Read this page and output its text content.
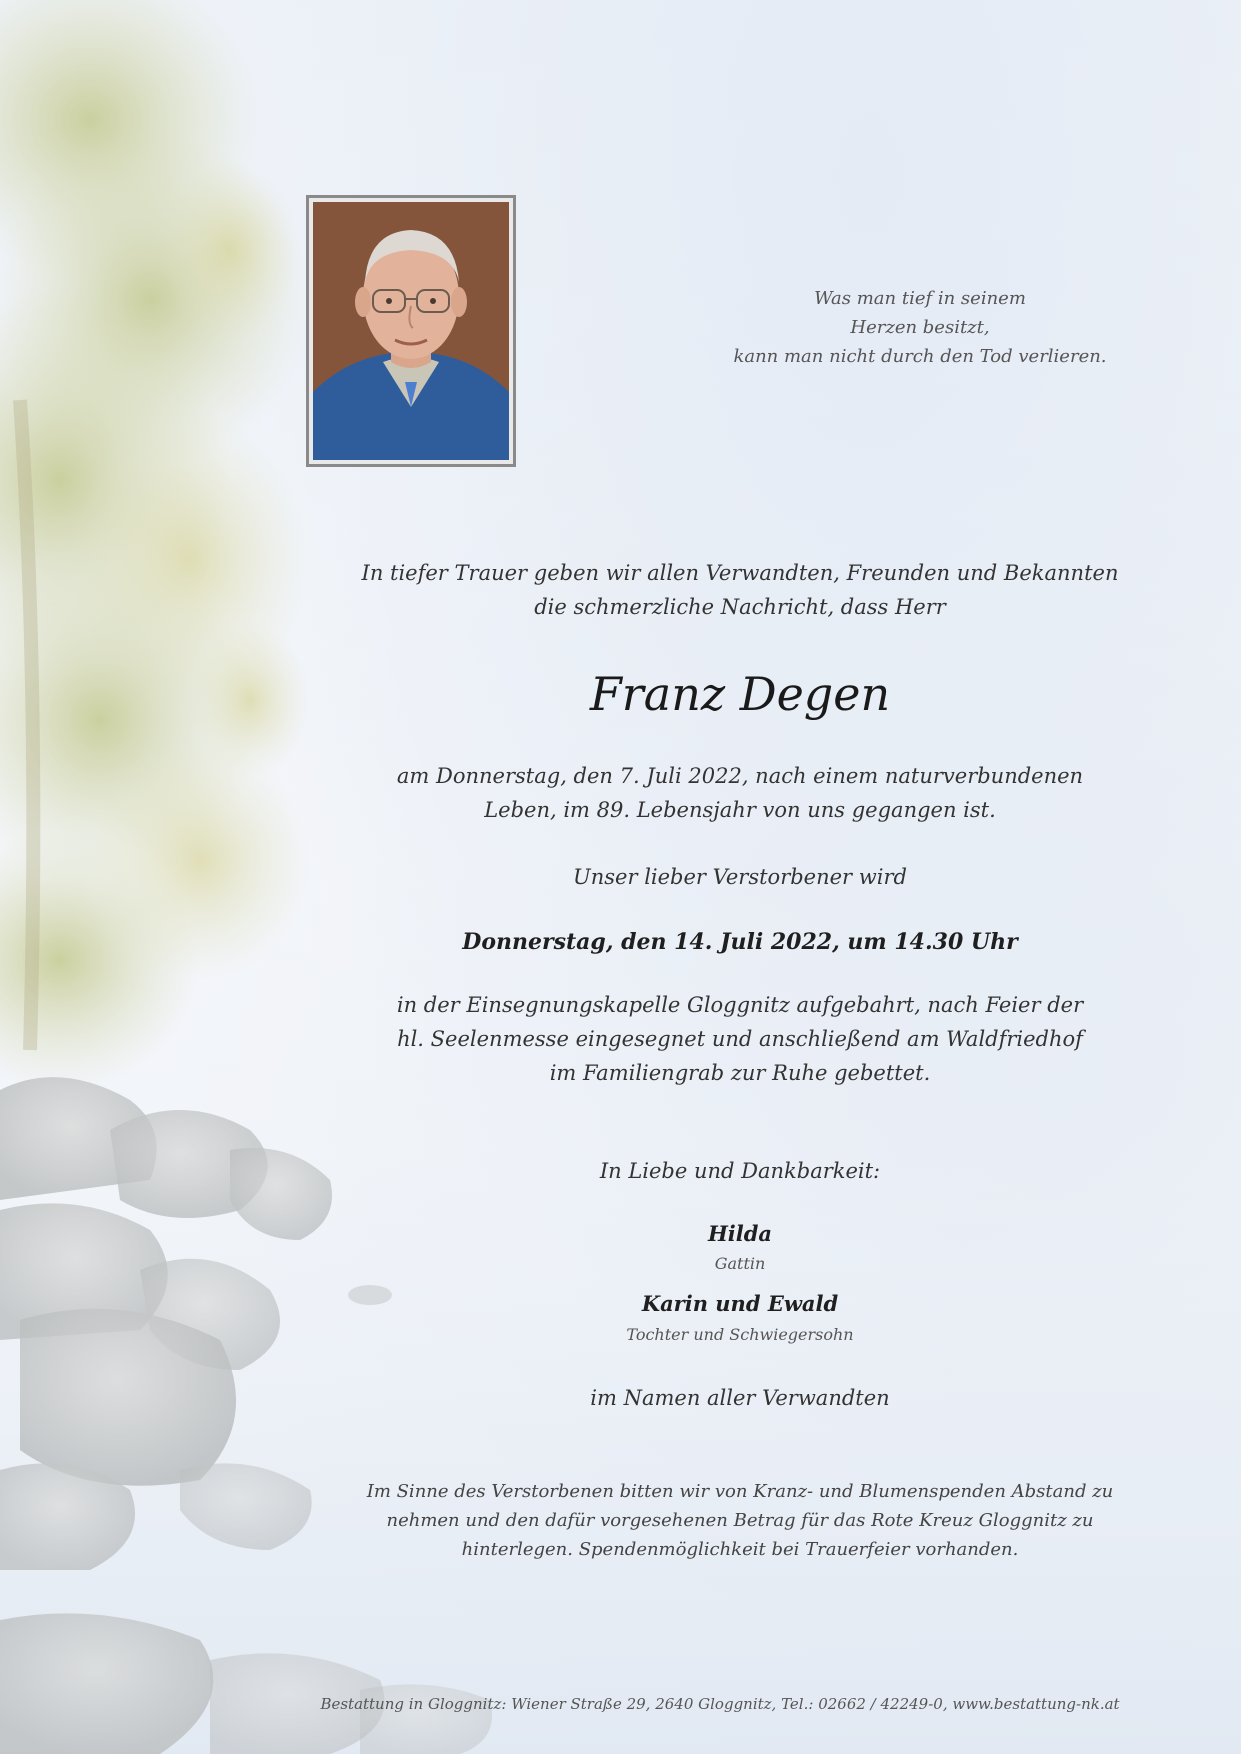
Was man tief in seinem
Herzen besitzt,
kann man nicht durch den Tod verlieren.
In tiefer Trauer geben wir allen Verwandten, Freunden und Bekannten
die schmerzliche Nachricht, dass Herr
Franz Degen
am Donnerstag, den 7. Juli 2022, nach einem naturverbundenen
Leben, im 89. Lebensjahr von uns gegangen ist.
Unser lieber Verstorbener wird
Donnerstag, den 14. Juli 2022, um 14.30 Uhr
in der Einsegnungskapelle Gloggnitz aufgebahrt, nach Feier der
hl. Seelenmesse eingesegnet und anschließend am Waldfriedhof
im Familiengrab zur Ruhe gebettet.
In Liebe und Dankbarkeit:
Hilda
Gattin
Karin und Ewald
Tochter und Schwiegersohn
im Namen aller Verwandten
Im Sinne des Verstorbenen bitten wir von Kranz- und Blumenspenden Abstand zu
nehmen und den dafür vorgesehenen Betrag für das Rote Kreuz Gloggnitz zu
hinterlegen. Spendenmöglichkeit bei Trauerfeier vorhanden.
Bestattung in Gloggnitz: Wiener Straße 29, 2640 Gloggnitz, Tel.: 02662 / 42249-0, www.bestattung-nk.at
